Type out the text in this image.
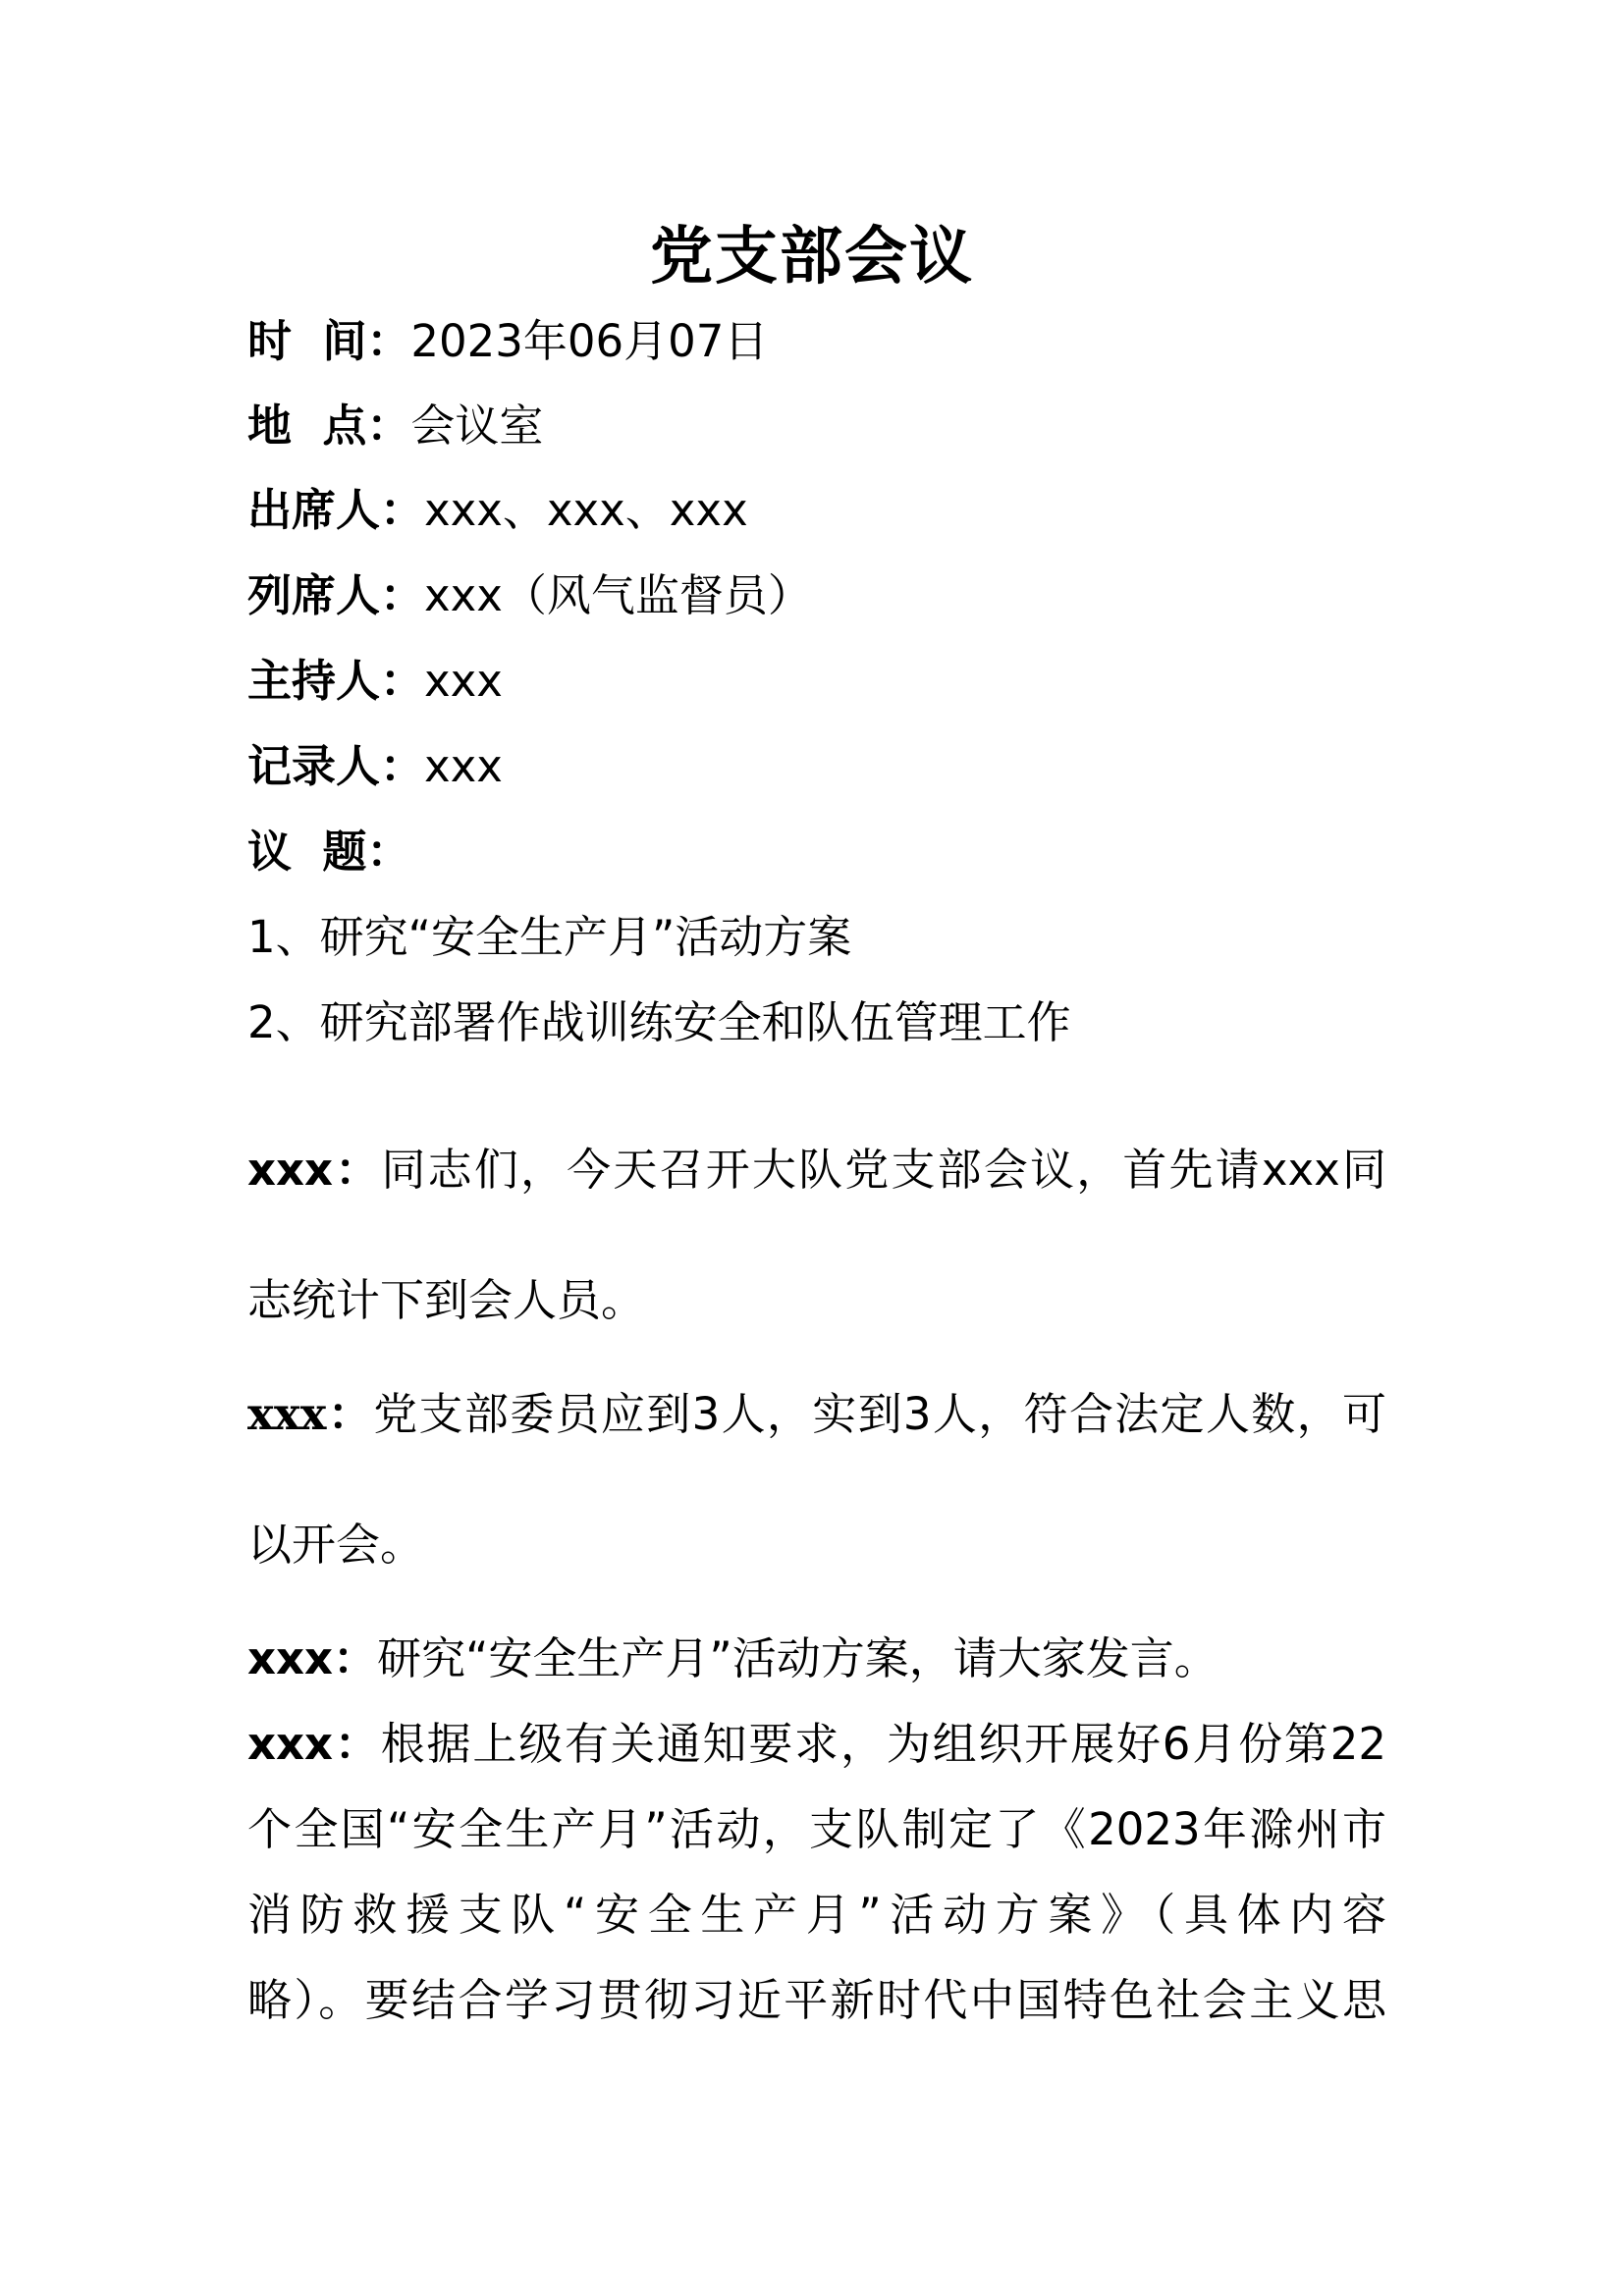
党支部会议
时  间：2023年06月07日
地  点：会议室
出席人：xxx、xxx、xxx
列席人：xxx（风气监督员）
主持人：xxx
记录人：xxx
议  题：
1、研究“安全生产月”活动方案
2、研究部署作战训练安全和队伍管理工作
xxx：同志们，今天召开大队党支部会议，首先请xxx同
志统计下到会人员。
xxx：党支部委员应到3人，实到3人，符合法定人数，可
以开会。
xxx：研究“安全生产月”活动方案，请大家发言。
xxx：根据上级有关通知要求，为组织开展好6月份第22
个全国“安全生产月”活动，支队制定了《2023年滁州市
消防救援支队“安全生产月”活动方案》（具体内容
略）。要结合学习贯彻习近平新时代中国特色社会主义思
